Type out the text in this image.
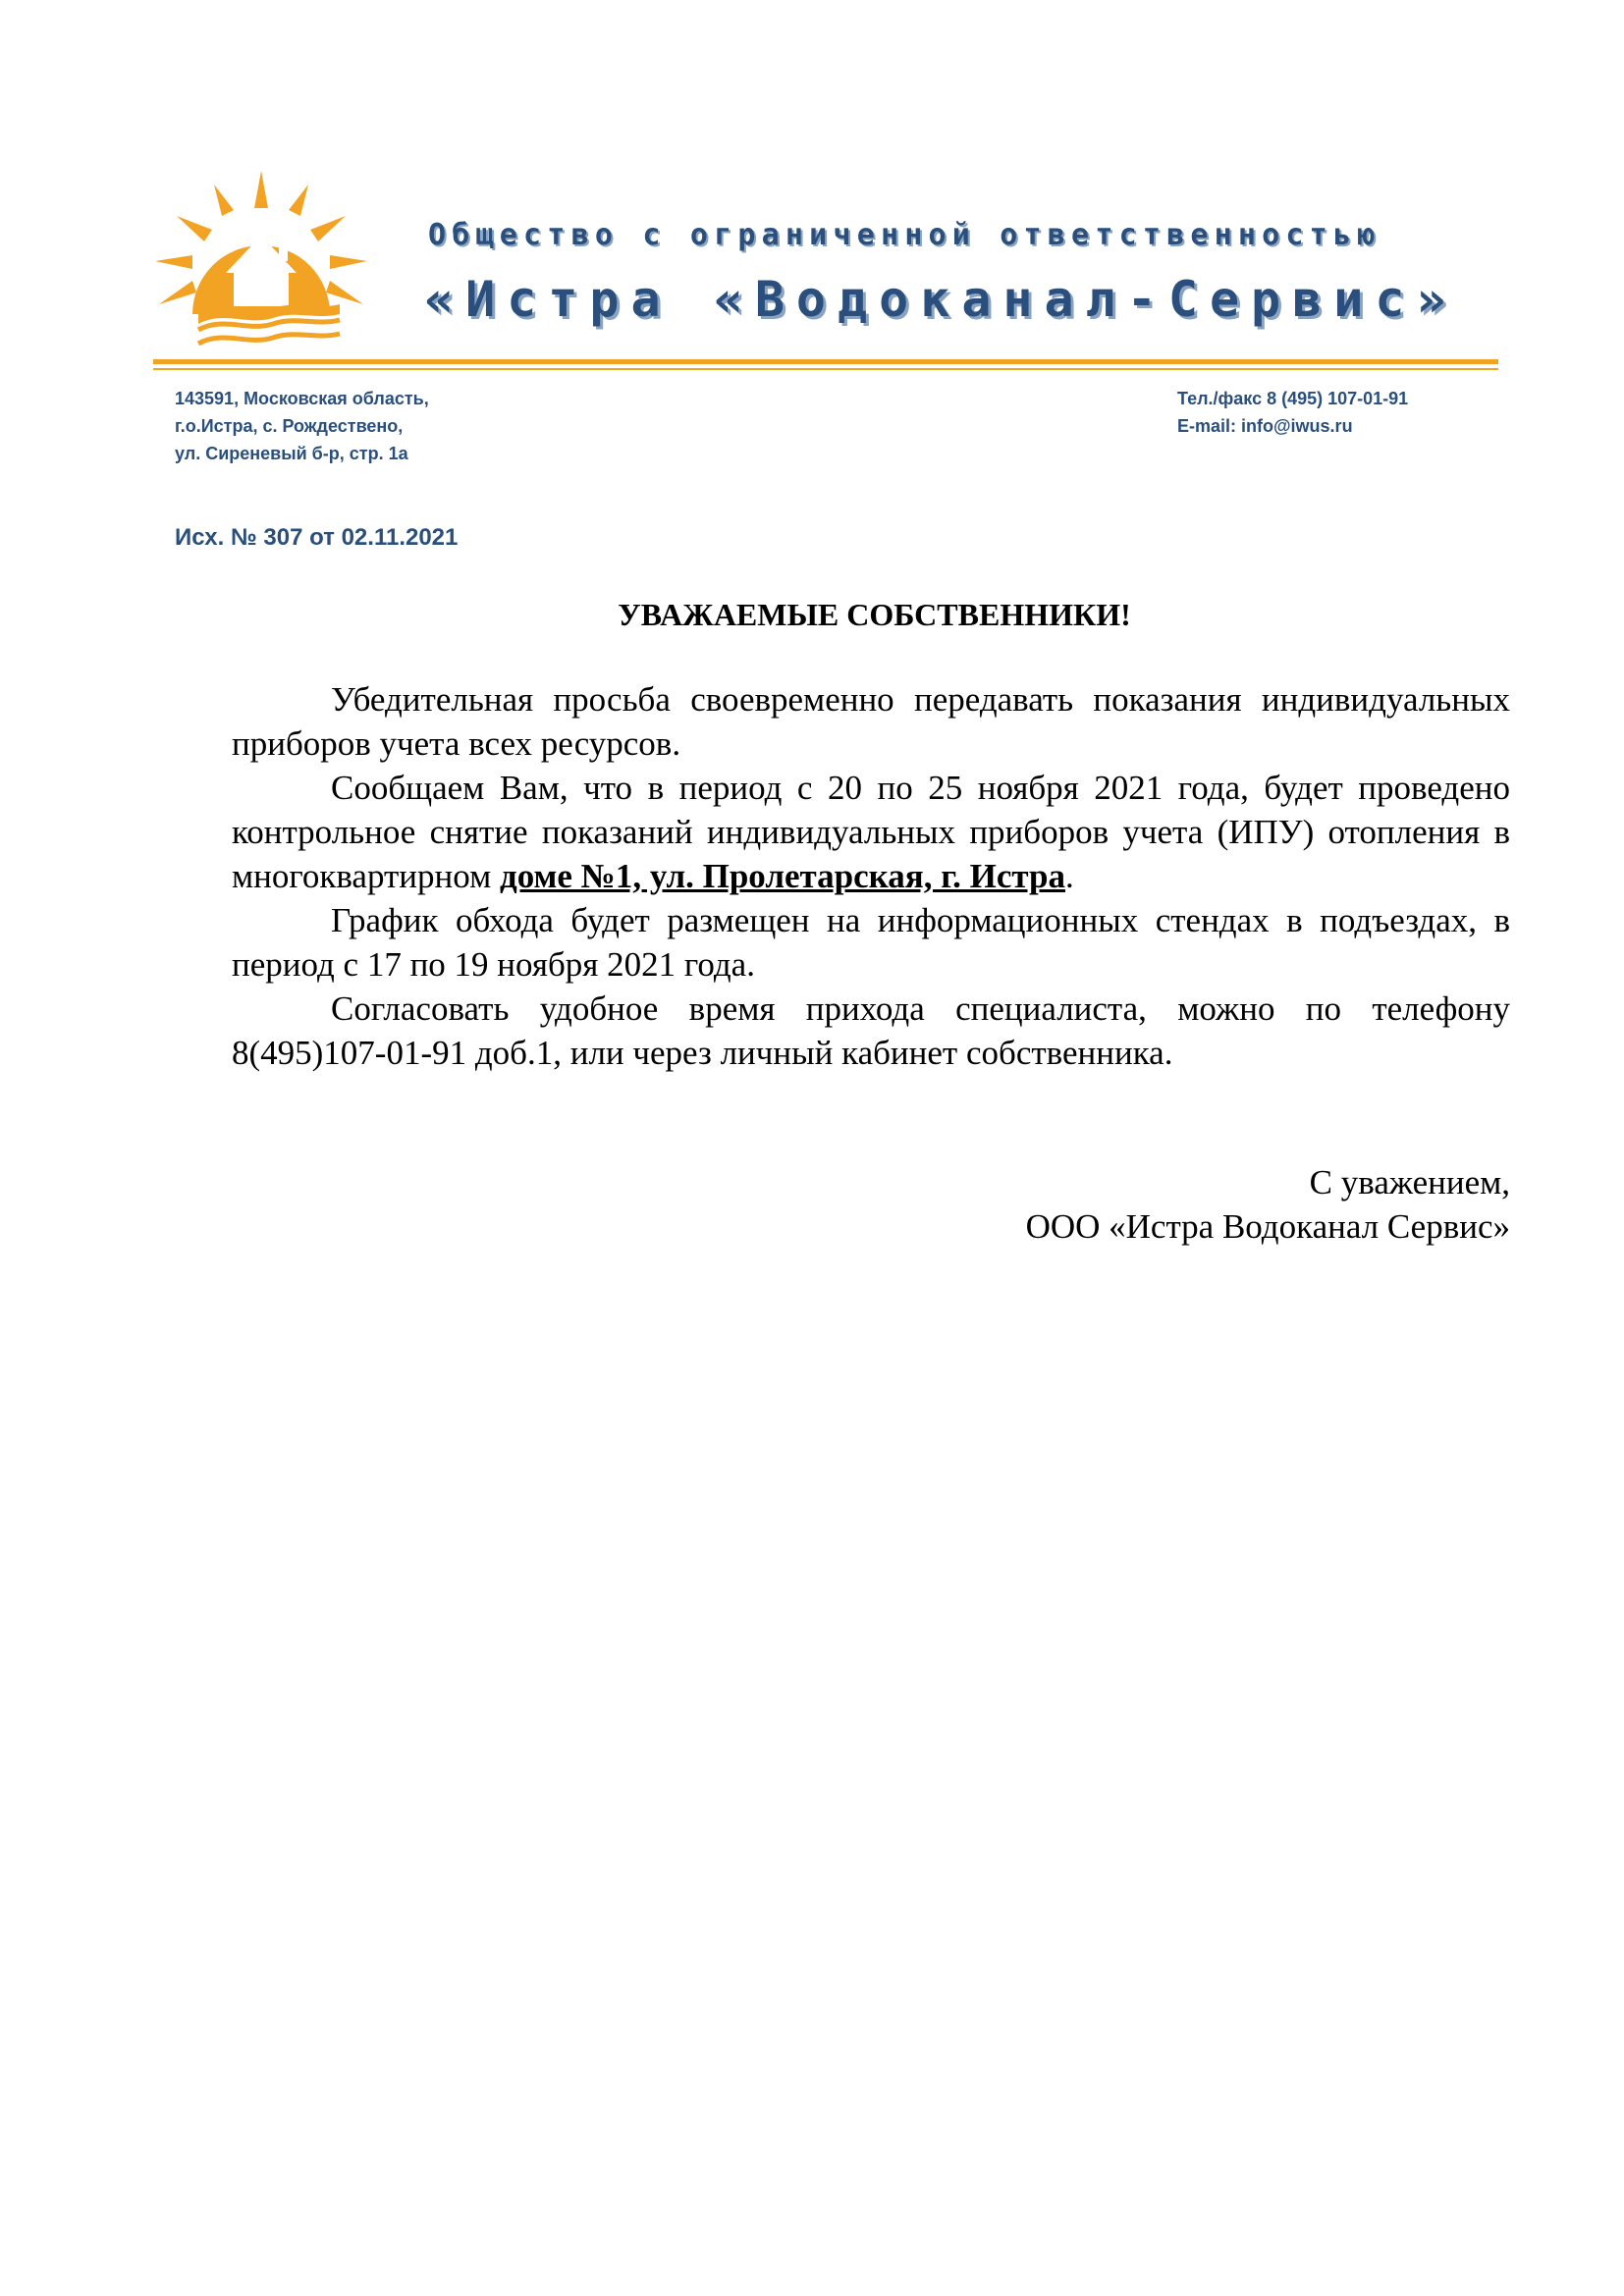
Общество с ограниченной ответственностью
«Истра «Водоканал-Сервис»
143591, Московская область,
г.о.Истра, с. Рождествено,
ул. Сиреневый б-р, стр. 1а
Тел./факс 8 (495) 107-01-91
E-mail: info@iwus.ru
Исх. № 307 от 02.11.2021
УВАЖАЕМЫЕ СОБСТВЕННИКИ!

Убедительная просьба своевременно передавать показания индивидуальных приборов учета всех ресурсов.

Сообщаем Вам, что в период с 20 по 25 ноября 2021 года, будет проведено контрольное снятие показаний индивидуальных приборов учета (ИПУ) отопления в многоквартирном доме №1, ул. Пролетарская, г. Истра.

График обхода будет размещен на информационных стендах в подъездах, в период с 17 по 19 ноября 2021 года.

Согласовать удобное время прихода специалиста, можно по телефону 8(495)107-01-91 доб.1, или через личный кабинет собственника.

С уважением,
ООО «Истра Водоканал Сервис»
